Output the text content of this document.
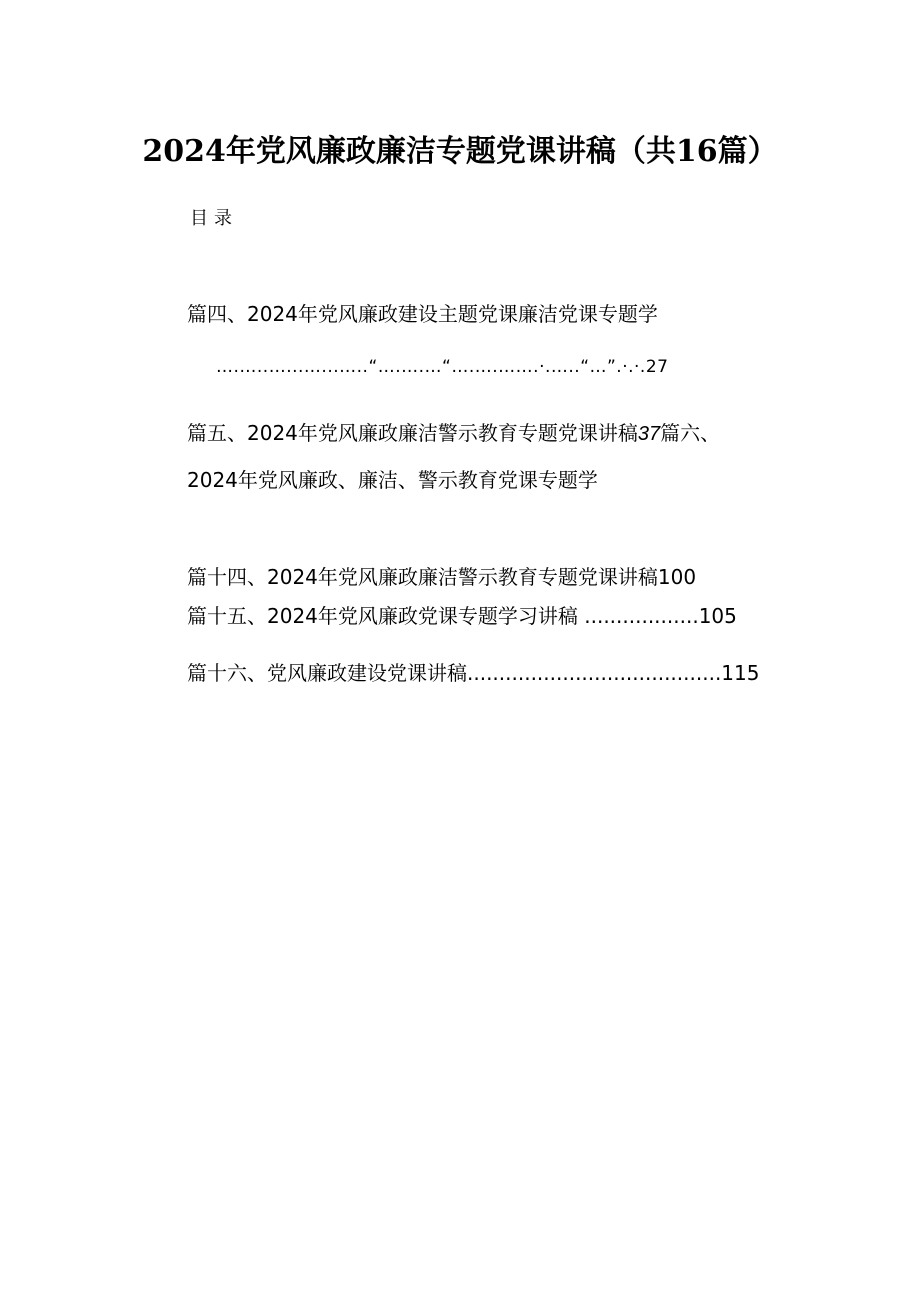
2024年党风廉政廉洁专题党课讲稿（共16篇）
目录
篇四、2024年党风廉政建设主题党课廉洁党课专题学
….…..…...…...…..“….….…“….….…….·.…..“…”.·.·.27
篇五、2024年党风廉政廉洁警示教育专题党课讲稿37篇六、
2024年党风廉政、廉洁、警示教育党课专题学
篇十四、2024年党风廉政廉洁警示教育专题党课讲稿100
篇十五、2024年党风廉政党课专题学习讲稿 ..................105
篇十六、党风廉政建设党课讲稿........................................115
